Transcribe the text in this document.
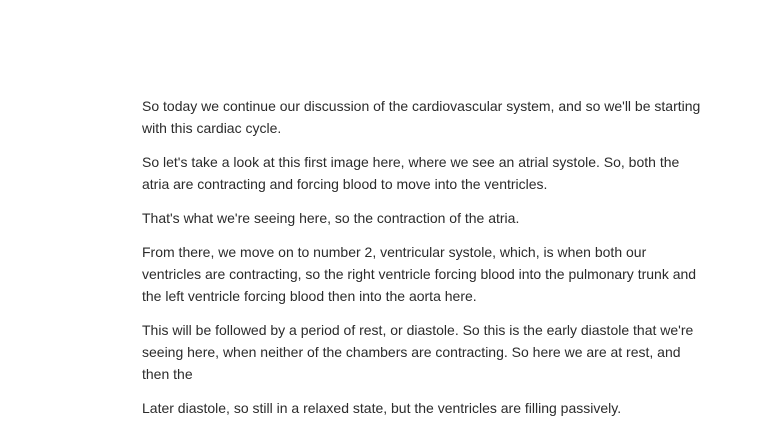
So today we continue our discussion of the cardiovascular system, and so we'll be starting with this cardiac cycle.

So let's take a look at this first image here, where we see an atrial systole. So, both the atria are contracting and forcing blood to move into the ventricles.

That's what we're seeing here, so the contraction of the atria.

From there, we move on to number 2, ventricular systole, which, is when both our ventricles are contracting, so the right ventricle forcing blood into the pulmonary trunk and the left ventricle forcing blood then into the aorta here.

This will be followed by a period of rest, or diastole. So this is the early diastole that we're seeing here, when neither of the chambers are contracting. So here we are at rest, and then the

Later diastole, so still in a relaxed state, but the ventricles are filling passively.
